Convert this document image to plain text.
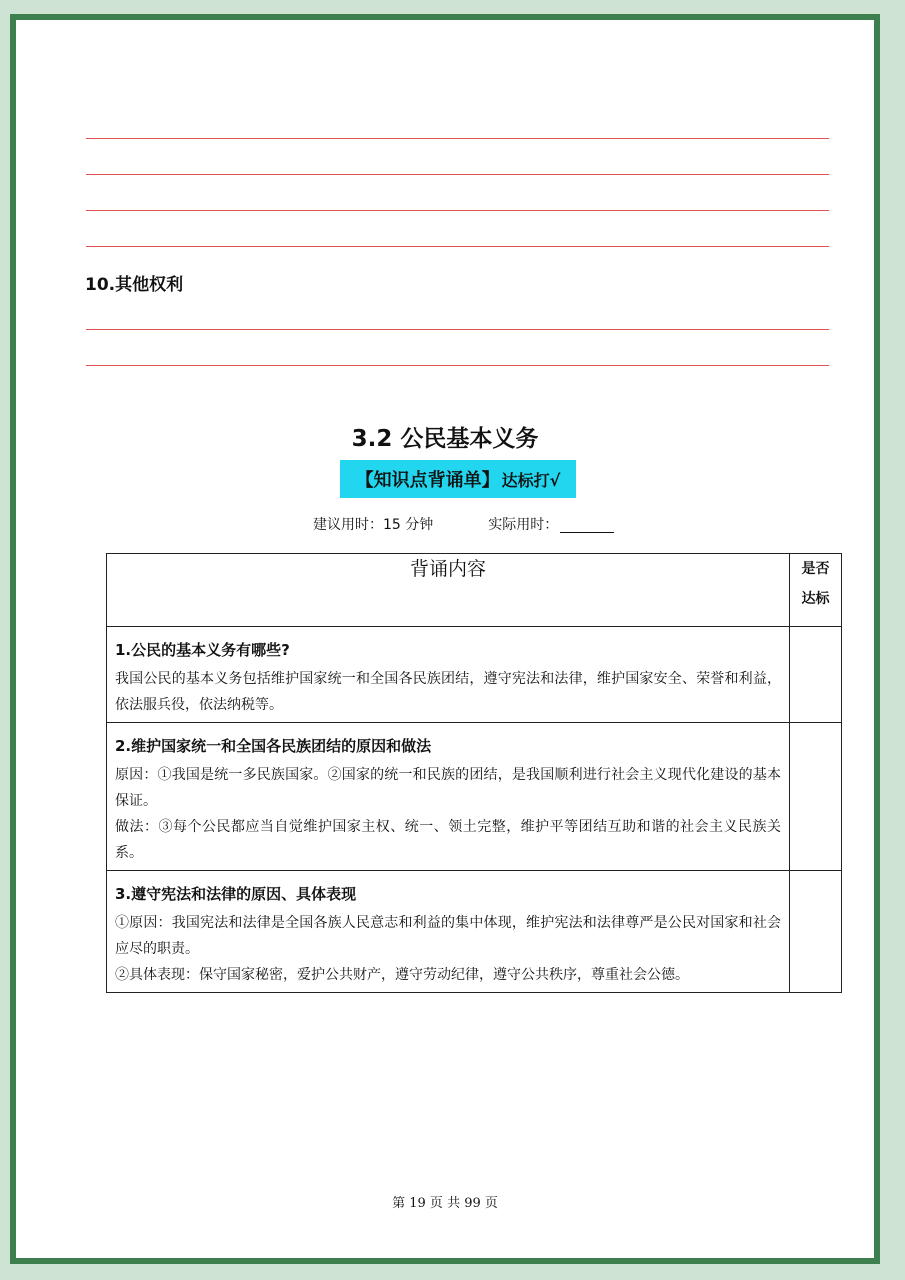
10.其他权利
3.2 公民基本义务
【知识点背诵单】 达标打√
建议用时：15 分钟	实际用时：
背诵内容	是否
达标

1.公民的基本义务有哪些?
我国公民的基本义务包括维护国家统一和全国各民族团结，遵守宪法和法律，维护国家安全、荣誉和利益，依法服兵役，依法纳税等。	

2.维护国家统一和全国各民族团结的原因和做法
原因：①我国是统一多民族国家。②国家的统一和民族的团结，是我国顺利进行社会主义现代化建设的基本保证。
做法：③每个公民都应当自觉维护国家主权、统一、领土完整，维护平等团结互助和谐的社会主义民族关系。	

3.遵守宪法和法律的原因、具体表现
①原因：我国宪法和法律是全国各族人民意志和利益的集中体现，维护宪法和法律尊严是公民对国家和社会应尽的职责。
②具体表现：保守国家秘密，爱护公共财产，遵守劳动纪律，遵守公共秩序，尊重社会公德。	

第 19 页 共 99 页
